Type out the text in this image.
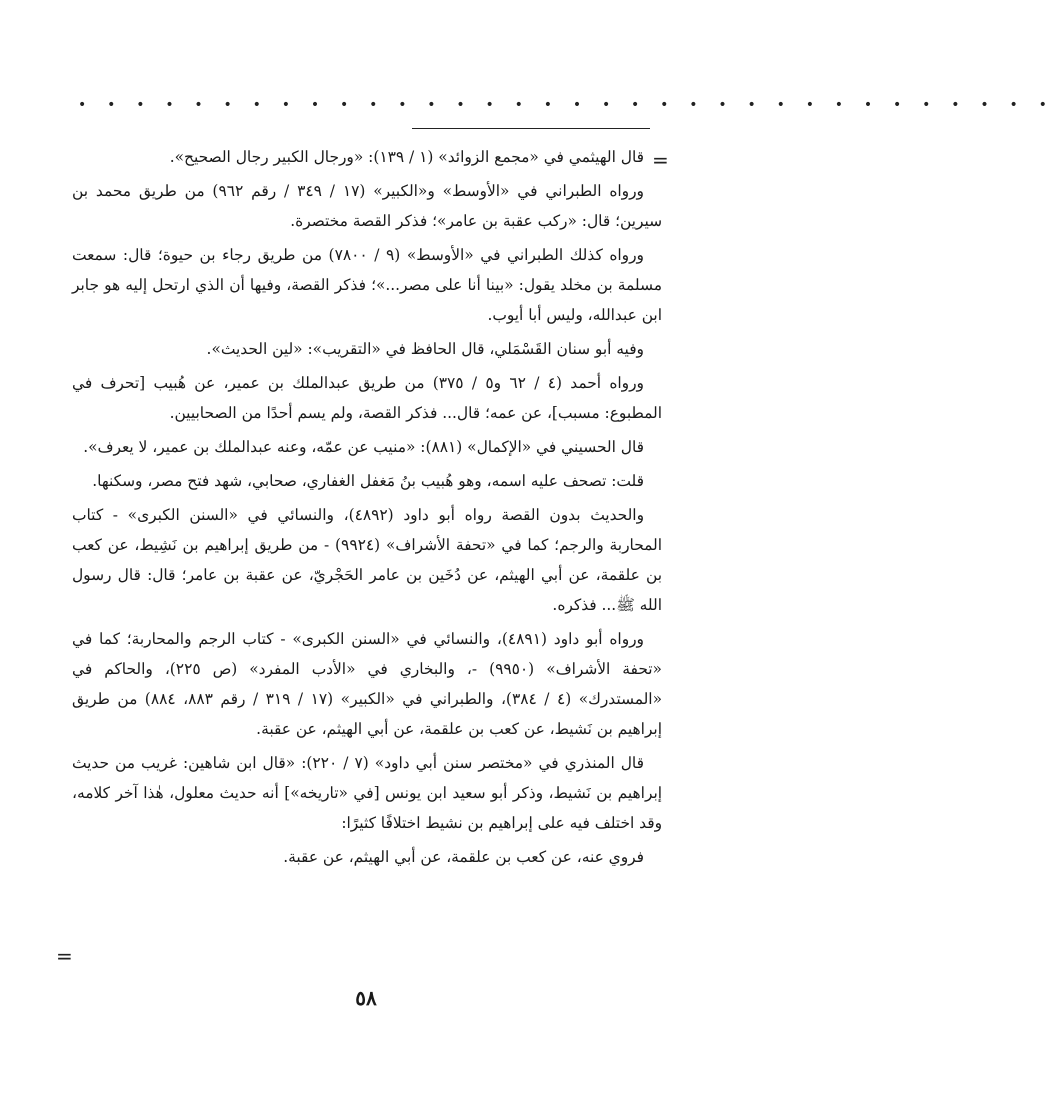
• • • • • • • • • • • • • • • • • • • • • • • • • • • • • • • • • •
=
=

قال الهيثمي في «مجمع الزوائد» (١ / ١٣٩): «ورجال الكبير رجال الصحيح».

ورواه الطبراني في «الأوسط» و«الكبير» (١٧ / ٣٤٩ / رقم ٩٦٢) من طريق محمد بن سيرين؛ قال: «ركب عقبة بن عامر»؛ فذكر القصة مختصرة.

ورواه كذلك الطبراني في «الأوسط» (٩ / ٧٨٠٠) من طريق رجاء بن حيوة؛ قال: سمعت مسلمة بن مخلد يقول: «بينا أنا على مصر...»؛ فذكر القصة، وفيها أن الذي ارتحل إليه هو جابر ابن عبدالله، وليس أبا أيوب.

وفيه أبو سنان القَسْمَلي، قال الحافظ في «التقريب»: «لين الحديث».

ورواه أحمد (٤ / ٦٢ و٥ / ٣٧٥) من طريق عبدالملك بن عمير، عن هُبيب [تحرف في المطبوع: مسبب]، عن عمه؛ قال... فذكر القصة، ولم يسم أحدًا من الصحابيين.

قال الحسيني في «الإكمال» (٨٨١): «منيب عن عمّه، وعنه عبدالملك بن عمير، لا يعرف».

قلت: تصحف عليه اسمه، وهو هُبيب بنُ مَغفل الغفاري، صحابي، شهد فتح مصر، وسكنها.

والحديث بدون القصة رواه أبو داود (٤٨٩٢)، والنسائي في «السنن الكبرى» - كتاب المحاربة والرجم؛ كما في «تحفة الأشراف» (٩٩٢٤) - من طريق إبراهيم بن نَشِيط، عن كعب بن علقمة، عن أبي الهيثم، عن دُخَين بن عامر الحَجْريّ، عن عقبة بن عامر؛ قال: قال رسول الله ﷺ... فذكره.

ورواه أبو داود (٤٨٩١)، والنسائي في «السنن الكبرى» - كتاب الرجم والمحاربة؛ كما في «تحفة الأشراف» (٩٩٥٠) -، والبخاري في «الأدب المفرد» (ص ٢٢٥)، والحاكم في «المستدرك» (٤ / ٣٨٤)، والطبراني في «الكبير» (١٧ / ٣١٩ / رقم ٨٨٣، ٨٨٤) من طريق إبراهيم بن نَشيط، عن كعب بن علقمة، عن أبي الهيثم، عن عقبة.

قال المنذري في «مختصر سنن أبي داود» (٧ / ٢٢٠): «قال ابن شاهين: غريب من حديث إبراهيم بن نَشيط، وذكر أبو سعيد ابن يونس [في «تاريخه»] أنه حديث معلول، هٰذا آخر كلامه، وقد اختلف فيه على إبراهيم بن نشيط اختلافًا كثيرًا:

فروي عنه، عن كعب بن علقمة، عن أبي الهيثم، عن عقبة.

٥٨
